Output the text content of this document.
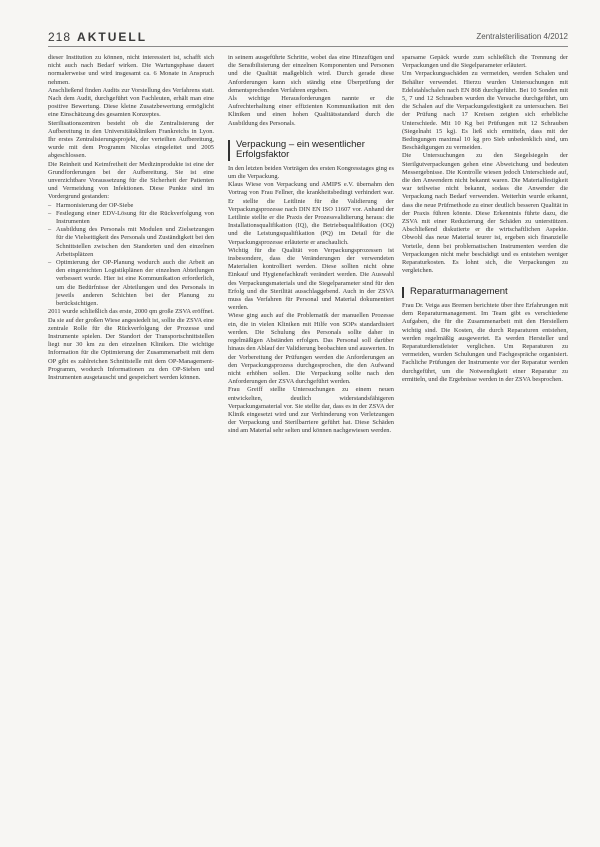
218 AKTUELL	Zentralsterilisation 4/2012

dieser Institution zu können, nicht interessiert ist, schafft sich nicht auch nach Bedarf wirken. Die Wartungsphase dauert normalerweise und wird insgesamt ca. 6 Monate in Anspruch nehmen.

Anschließend finden Audits zur Vorstellung des Verfahrens statt. Nach dem Audit, durchgeführt von Fachleuten, erhält man eine positive Bewertung. Diese kleine Zusatzbewertung ermöglicht eine Einschätzung des gesamten Konzeptes.

Sterilisationszentren besteht ob die Zentralisierung der Aufbereitung in den Universitätskliniken Frankreichs in Lyon. Ihr erstes Zentralisierungsprojekt, der verteilten Aufbereitung, wurde mit dem Programm Nicolas eingeleitet und 2005 abgeschlossen.

Die Reinheit und Keimfreiheit der Medizinprodukte ist eine der Grundforderungen bei der Aufbereitung. Sie ist eine unverzichtbare Voraussetzung für die Sicherheit der Patienten und Vermeidung von Infektionen. Diese Punkte sind im Vordergrund gestanden:

– Harmonisierung der OP-Siebe
– Festlegung einer EDV-Lösung für die Rückverfolgung von Instrumenten
– Ausbildung des Personals mit Modulen und Zielsetzungen für die Vielseitigkeit des Personals und Zuständigkeit bei den Schnittstellen zwischen den Standorten und den einzelnen Arbeitsplätzen
– Optimierung der OP-Planung wodurch auch die Arbeit an den eingereichten Logistikplänen der einzelnen Abteilungen verbessert wurde. Hier ist eine Kommunikation erforderlich, um die Bedürfnisse der Abteilungen und des Personals in jeweils anderen Schichten bei der Planung zu berücksichtigen.

2011 wurde schließlich das erste, 2000 qm große ZSVA eröffnet. Da sie auf der großen Wiese angesiedelt ist, sollte die ZSVA eine zentrale Rolle für die Rückverfolgung der Prozesse und Instrumente spielen. Der Standort der Transportschnittstellen liegt nur 30 km zu den einzelnen Kliniken. Die wichtige Information für die Optimierung der Zusammenarbeit mit dem OP gibt es zahlreichen Schnittstelle mit dem OP-Management-Programm, wodurch Informationen zu den OP-Sieben und Instrumenten ausgetauscht und gespeichert werden können.

in seinem ausgeführte Schritte, wobei das eine Hinzufügen und die Sensibilisierung der einzelnen Komponenten und Personen und die Qualität maßgeblich wird. Durch gerade diese Anforderungen kann sich ständig eine Überprüfung der dementsprechenden Verfahren ergeben.

Als wichtige Herausforderungen nannte er die Aufrechterhaltung einer effizienten Kommunikation mit den Kliniken und einen hohen Qualitätsstandard durch die Ausbildung des Personals.

Verpackung – ein wesentlicher Erfolgsfaktor

In den letzten beiden Vorträgen des ersten Kongresstages ging es um die Verpackung.

Klaus Wiese von Verpackung und AMIPS e.V. übernahm den Vortrag von Frau Fellner, die krankheitsbedingt verhindert war. Er stellte die Leitlinie für die Validierung der Verpackungsprozesse nach DIN EN ISO 11607 vor. Anhand der Leitlinie stellte er die Praxis der Prozessvalidierung heraus: die Installationsqualifikation (IQ), die Betriebsqualifikation (OQ) und die Leistungsqualifikation (PQ) im Detail für die Verpackungsprozesse erläuterte er anschaulich.

Wichtig für die Qualität von Verpackungsprozessen ist insbesondere, dass die Veränderungen der verwendeten Materialien kontrolliert werden. Diese sollten nicht ohne Einkauf und Hygienefachkraft verändert werden. Die Auswahl des Verpackungsmaterials und die Siegelparameter sind für den Erfolg und die Sterilität ausschlaggebend. Auch in der ZSVA muss das Verfahren für Personal und Material dokumentiert werden.

Wiese ging auch auf die Problematik der manuellen Prozesse ein, die in vielen Kliniken mit Hilfe von SOPs standardisiert werden. Die Schulung des Personals sollte daher in regelmäßigen Abständen erfolgen. Das Personal soll darüber hinaus den Ablauf der Validierung beobachten und auswerten. In der Vorbereitung der Prüfungen werden die Anforderungen an den Verpackungsprozess durchgesprochen, die den Aufwand nicht erhöhen sollen. Die Verpackung sollte nach den Anforderungen der ZSVA durchgeführt werden.

Frau Greiff stellte Untersuchungen zu einem neuen entwickelten, deutlich widerstandsfähigeren Verpackungsmaterial vor. Sie stellte dar, dass es in der ZSVA der Klinik eingesetzt wird und zur Verhinderung von Verletzungen der Verpackung und Sterilbarriere geführt hat. Diese Schäden sind am Material sehr selten und können nachgewiesen werden.

sparsame Gepäck wurde zum schließlich die Trennung der Verpackungen und die Siegelparameter erläutert.

Um Verpackungsschäden zu vermeiden, werden Schalen und Behälter verwendet. Hierzu wurden Untersuchungen mit Edelstahlschalen nach EN 868 durchgeführt. Bei 10 Sonden mit 5, 7 und 12 Schrauben wurden die Versuche durchgeführt, um die Schalen auf die Verpackungsfestigkeit zu untersuchen. Bei der Prüfung nach 17 Kreisen zeigten sich erhebliche Unterschiede. Mit 10 Kg bei Prüfungen mit 12 Schrauben (Siegelnaht 15 kg). Es ließ sich ermitteln, dass mit der Bedingungen maximal 10 kg pro Sieb unbedenklich sind, um Beschädigungen zu vermeiden.

Die Untersuchungen zu den Siegelsiegeln der Sterilgutverpackungen gehen eine Abweichung und bedeuten Messergebnisse. Die Kontrolle wiesen jedoch Unterschiede auf, die den Anwendern nicht bekannt waren. Die Materialfestigkeit war teilweise nicht bekannt, sodass die Anwender die Verpackung nach Bedarf verwenden. Weiterhin wurde erkannt, dass die neue Prüfmethode zu einer deutlich besseren Qualität in der Praxis führen könnte. Diese Erkenntnis führte dazu, die ZSVA mit einer Reduzierung der Schäden zu unterstützen. Abschließend diskutierte er die wirtschaftlichen Aspekte. Obwohl das neue Material teurer ist, ergeben sich finanzielle Vorteile, denn bei problematischen Instrumenten werden die Verpackungen nicht mehr beschädigt und es entstehen weniger Reparaturkosten. Es lohnt sich, die Verpackungen zu vergleichen.

Reparaturmanagement

Frau Dr. Veiga aus Bremen berichtete über ihre Erfahrungen mit dem Reparaturmanagement. Im Team gibt es verschiedene Aufgaben, die für die Zusammenarbeit mit den Herstellern wichtig sind. Die Kosten, die durch Reparaturen entstehen, werden regelmäßig ausgewertet. Es werden Hersteller und Reparaturdienstleister verglichen. Um Reparaturen zu vermeiden, wurden Schulungen und Fachgespräche organisiert. Fachliche Prüfungen der Instrumente vor der Reparatur werden durchgeführt, um die Notwendigkeit einer Reparatur zu ermitteln, und die Ergebnisse werden in der ZSVA besprochen.
